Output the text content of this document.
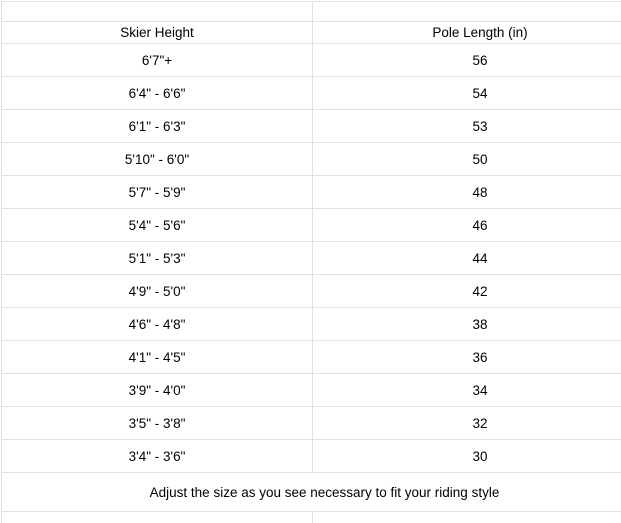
Skier Height	Pole Length (in)
6'7"+	56
6'4" - 6'6"	54
6'1" - 6'3"	53
5'10" - 6'0"	50
5'7" - 5'9"	48
5'4" - 5'6"	46
5'1" - 5'3"	44
4'9" - 5'0"	42
4'6" - 4'8"	38
4'1" - 4'5"	36
3'9" - 4'0"	34
3'5" - 3'8"	32
3'4" - 3'6"	30
Adjust the size as you see necessary to fit your riding style	
